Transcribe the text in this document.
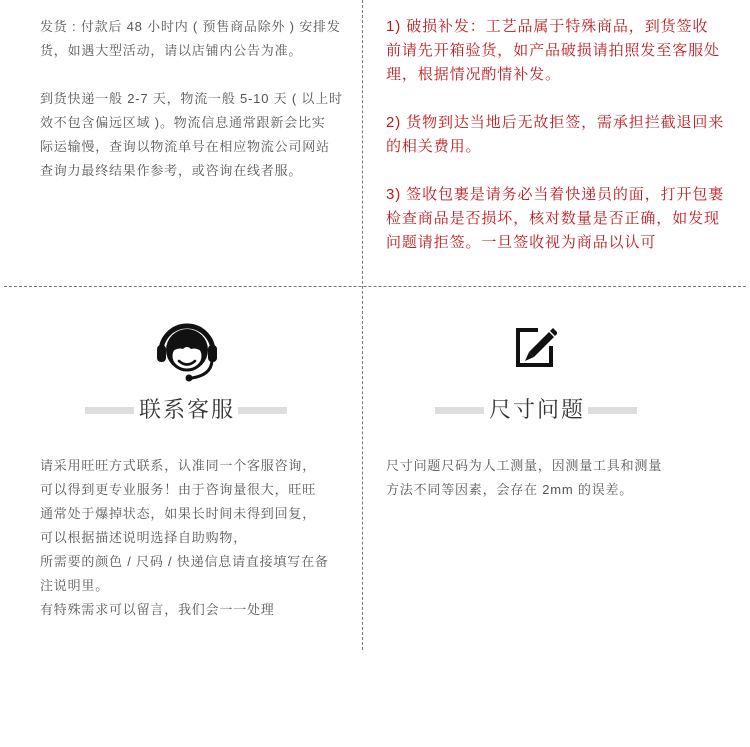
发货 : 付款后 48 小时内 ( 预售商品除外 ) 安排发
货，如遇大型活动，请以店铺内公告为准。
到货快递一般 2-7 天，物流一般 5-10 天 ( 以上时
效不包含偏远区域 )。物流信息通常跟新会比实
际运输慢，查询以物流单号在相应物流公司网站
查询力最终结果作参考，或咨询在线者服。
1) 破损补发：工艺品属于特殊商品，到货签收
前请先开箱验货，如产品破损请拍照发至客服处
理，根据情况酌情补发。
2) 货物到达当地后无故拒签，需承担拦截退回来
的相关费用。
3) 签收包裹是请务必当着快递员的面，打开包裹
检查商品是否损坏，核对数量是否正确，如发现
问题请拒签。一旦签收视为商品以认可
联系客服
请采用旺旺方式联系，认准同一个客服咨询，
可以得到更专业服务！由于咨询量很大，旺旺
通常处于爆掉状态，如果长时间未得到回复，
可以根据描述说明选择自助购物，
所需要的颜色 / 尺码 / 快递信息请直接填写在备
注说明里。
有特殊需求可以留言，我们会一一处理
尺寸问题
尺寸问题尺码为人工测量，因测量工具和测量
方法不同等因素，会存在 2mm 的误差。
